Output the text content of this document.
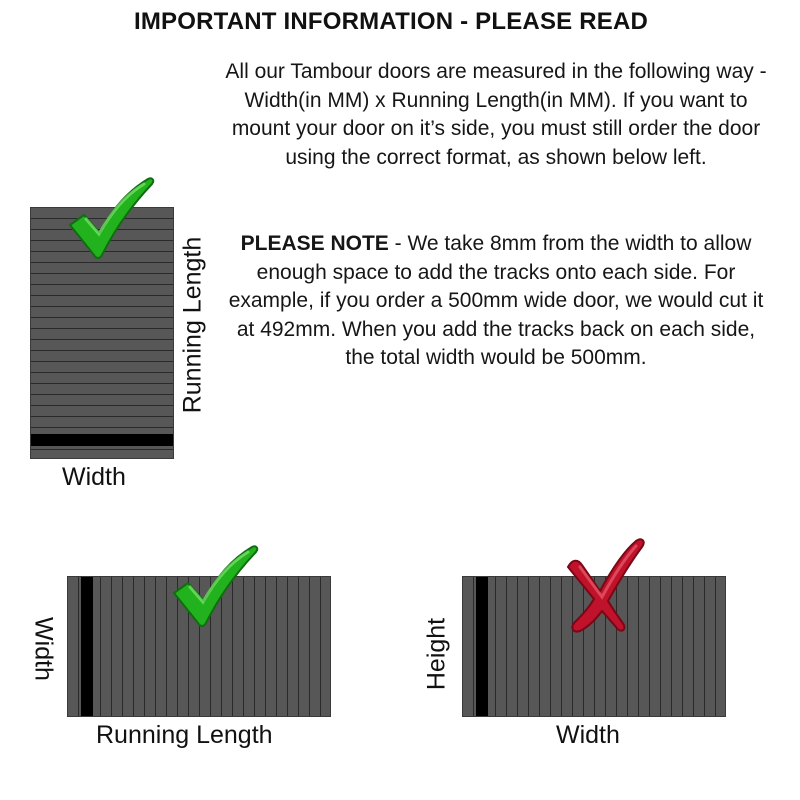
IMPORTANT INFORMATION - PLEASE READ
All our Tambour doors are measured in the following way - Width(in MM) x Running Length(in MM). If you want to mount your door on it’s side, you must still order the door using the correct format, as shown below left.
PLEASE NOTE - We take 8mm from the width to allow enough space to add the tracks onto each side. For example, if you order a 500mm wide door, we would cut it at 492mm. When you add the tracks back on each side, the total width would be 500mm.
Running Length
Width
Width
Running Length
Height
Width
